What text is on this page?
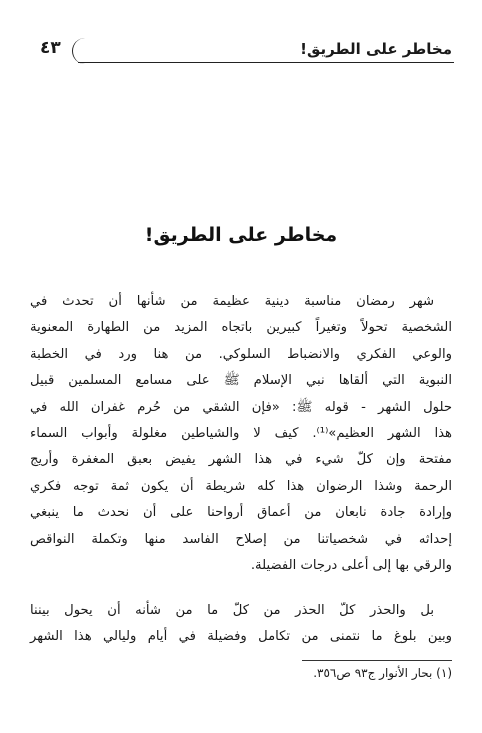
٤٣	مخاطر على الطريق!
مخاطر على الطريق!
شهر رمضان مناسبة دينية عظيمة من شأنها أن تحدث في
الشخصية تحولاً وتغيراً كبيرين باتجاه المزيد من الطهارة المعنوية
والوعي الفكري والانضباط السلوكي. من هنا ورد في الخطبة
النبوية التي ألقاها نبي الإسلام ﷺ على مسامع المسلمين قبيل
حلول الشهر - قوله ﷺ: «فإن الشقي من حُرم غفران الله في
هذا الشهر العظيم»⁽¹⁾. كيف لا والشياطين مغلولة وأبواب السماء
مفتحة وإن كلّ شيء في هذا الشهر يفيض بعبق المغفرة وأريج
الرحمة وشذا الرضوان هذا كله شريطة أن يكون ثمة توجه فكري
وإرادة جادة نابعان من أعماق أرواحنا على أن نحدث ما ينبغي
إحداثه في شخصياتنا من إصلاح الفاسد منها وتكملة النواقص
والرقي بها إلى أعلى درجات الفضيلة.
بل والحذر كلّ الحذر من كلّ ما من شأنه أن يحول بيننا
وبين بلوغ ما نتمنى من تكامل وفضيلة في أيام وليالي هذا الشهر
(١) بحار الأنوار ج٩٣ ص٣٥٦.
